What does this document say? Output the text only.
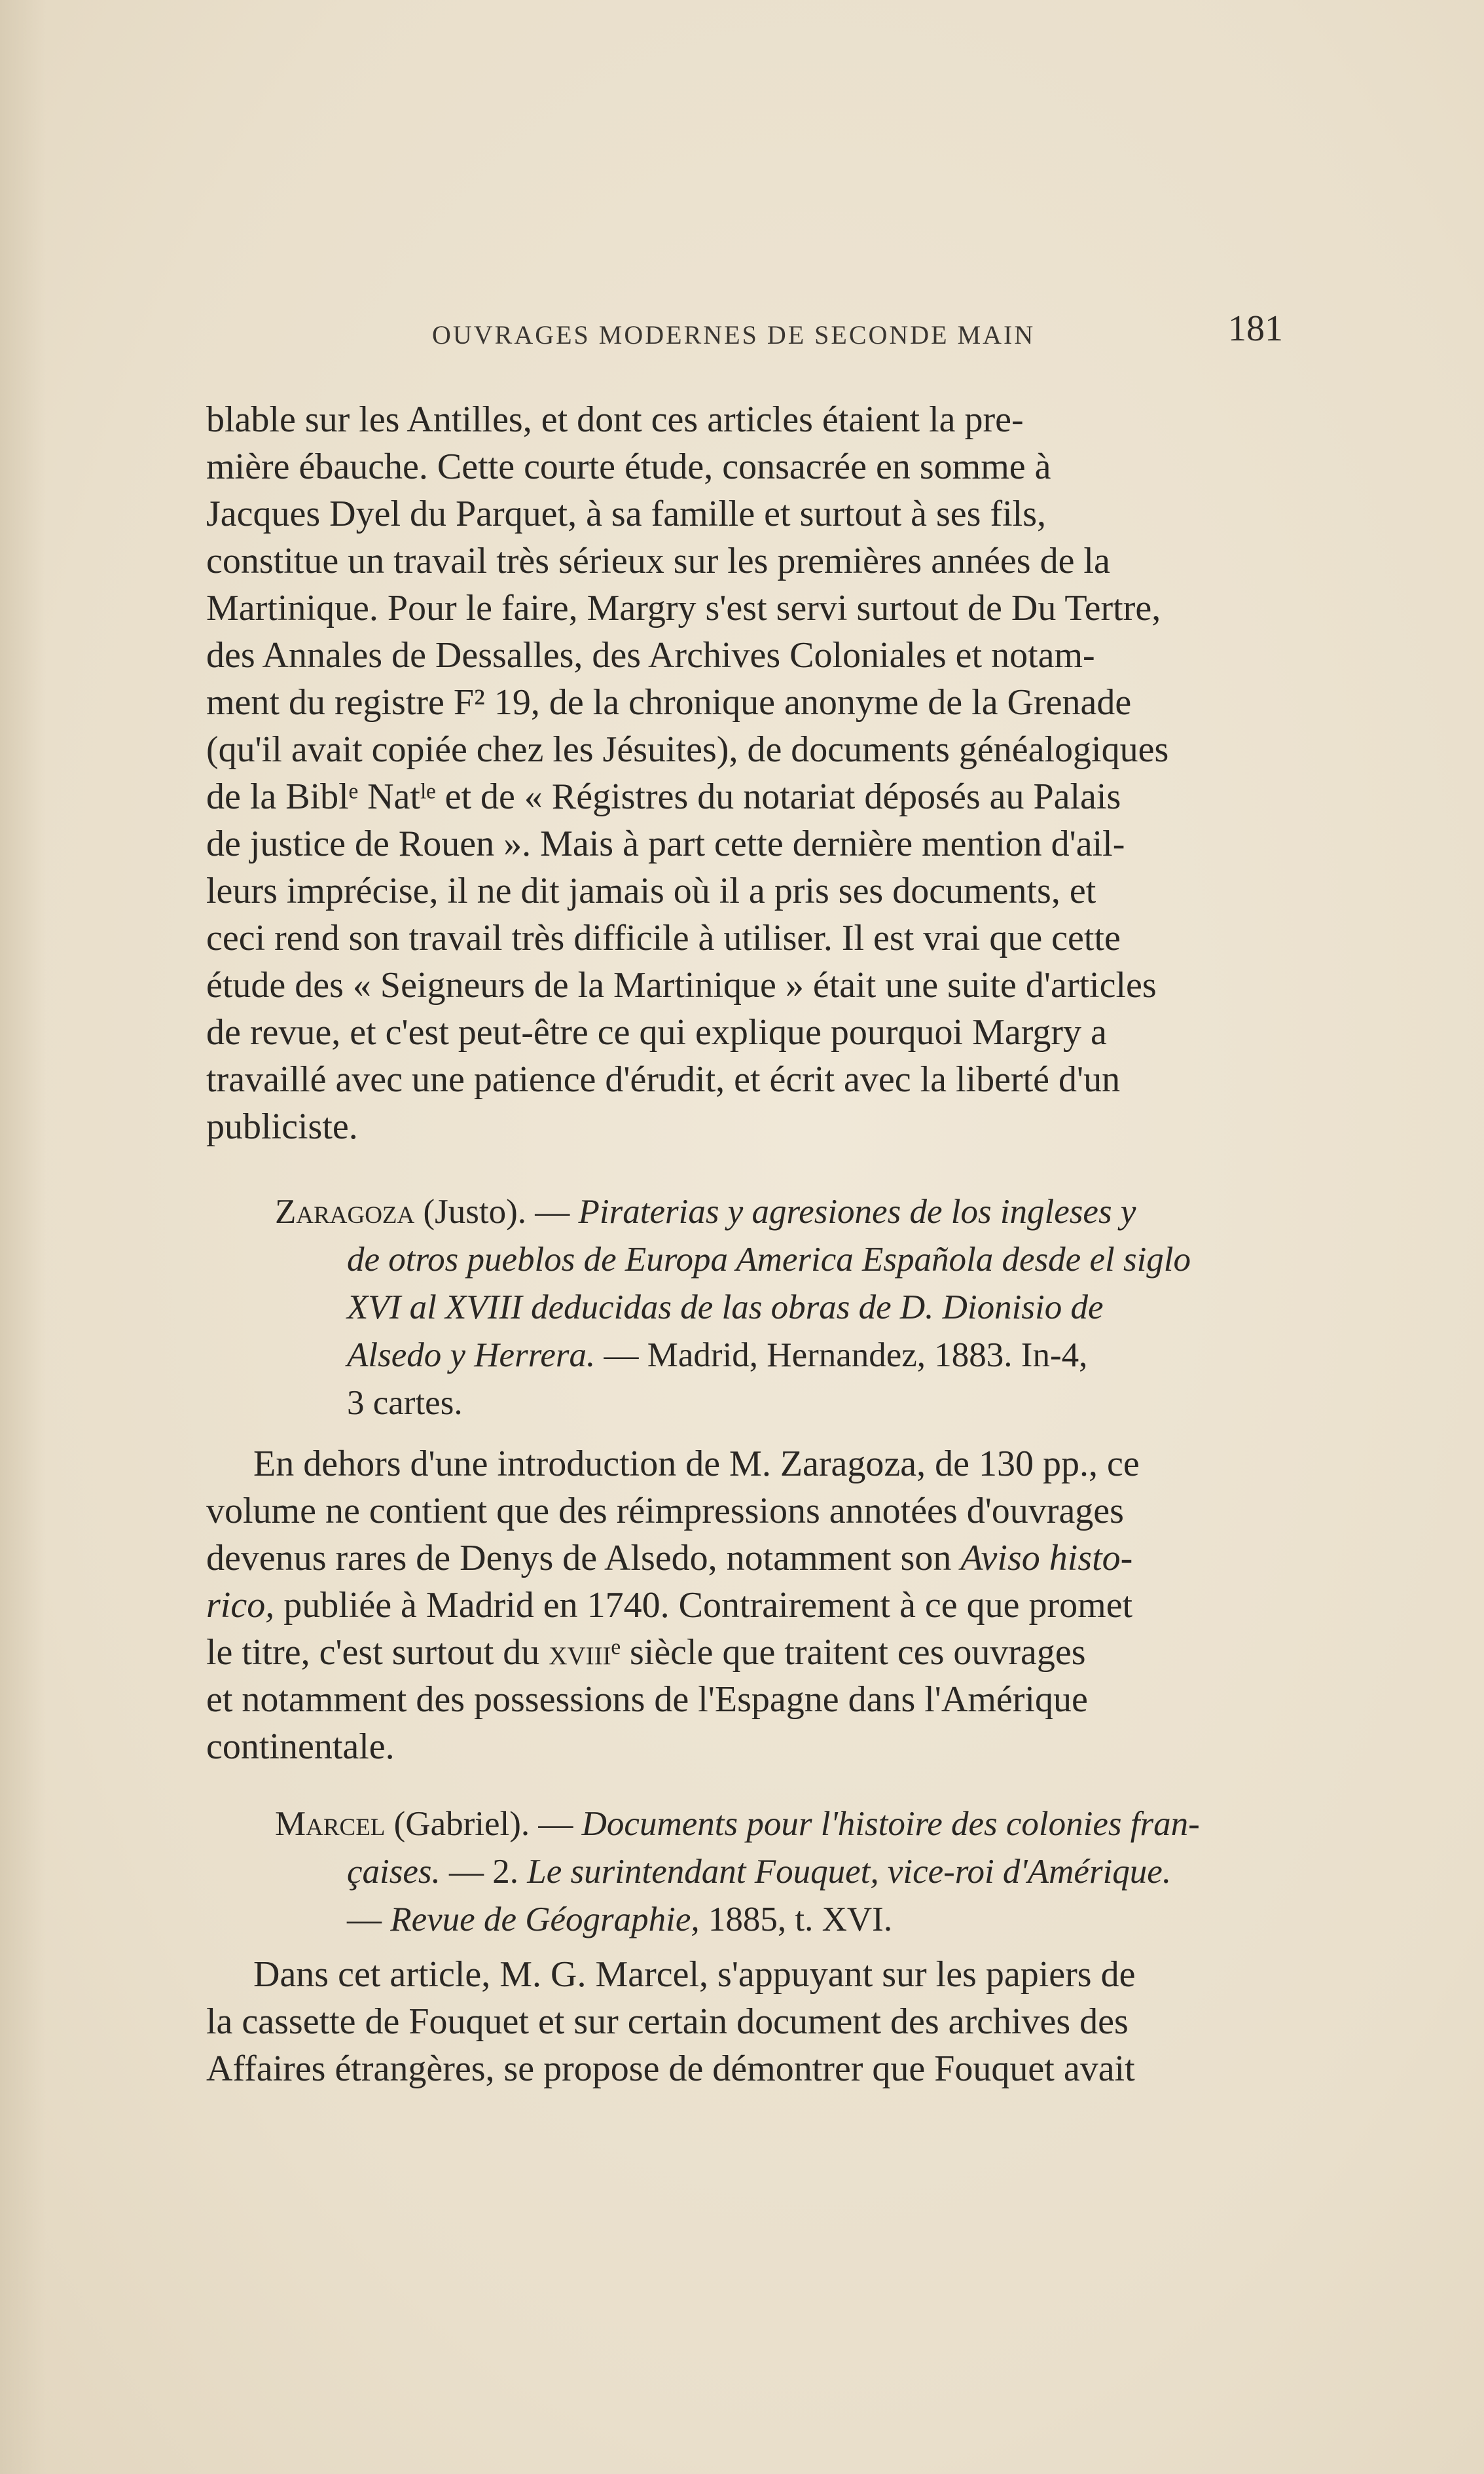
OUVRAGES MODERNES DE SECONDE MAIN	181

blable sur les Antilles, et dont ces articles étaient la pre-

mière ébauche. Cette courte étude, consacrée en somme à

Jacques Dyel du Parquet, à sa famille et surtout à ses fils,

constitue un travail très sérieux sur les premières années de la

Martinique. Pour le faire, Margry s'est servi surtout de Du Tertre,

des Annales de Dessalles, des Archives Coloniales et notam-

ment du registre F² 19, de la chronique anonyme de la Grenade

(qu'il avait copiée chez les Jésuites), de documents généalogiques

de la Biblᵉ Natˡᵉ et de « Régistres du notariat déposés au Palais

de justice de Rouen ». Mais à part cette dernière mention d'ail-

leurs imprécise, il ne dit jamais où il a pris ses documents, et

ceci rend son travail très difficile à utiliser. Il est vrai que cette

étude des « Seigneurs de la Martinique » était une suite d'articles

de revue, et c'est peut-être ce qui explique pourquoi Margry a

travaillé avec une patience d'érudit, et écrit avec la liberté d'un

publiciste.

Zaragoza (Justo). — Piraterias y agresiones de los ingleses y

de otros pueblos de Europa America Española desde el siglo

XVI al XVIII deducidas de las obras de D. Dionisio de

Alsedo y Herrera. — Madrid, Hernandez, 1883. In-4,

3 cartes.

En dehors d'une introduction de M. Zaragoza, de 130 pp., ce

volume ne contient que des réimpressions annotées d'ouvrages

devenus rares de Denys de Alsedo, notamment son Aviso histo-

rico, publiée à Madrid en 1740. Contrairement à ce que promet

le titre, c'est surtout du xviiiᵉ siècle que traitent ces ouvrages

et notamment des possessions de l'Espagne dans l'Amérique

continentale.

Marcel (Gabriel). — Documents pour l'histoire des colonies fran-

çaises. — 2. Le surintendant Fouquet, vice-roi d'Amérique.

— Revue de Géographie, 1885, t. XVI.

Dans cet article, M. G. Marcel, s'appuyant sur les papiers de

la cassette de Fouquet et sur certain document des archives des

Affaires étrangères, se propose de démontrer que Fouquet avait
